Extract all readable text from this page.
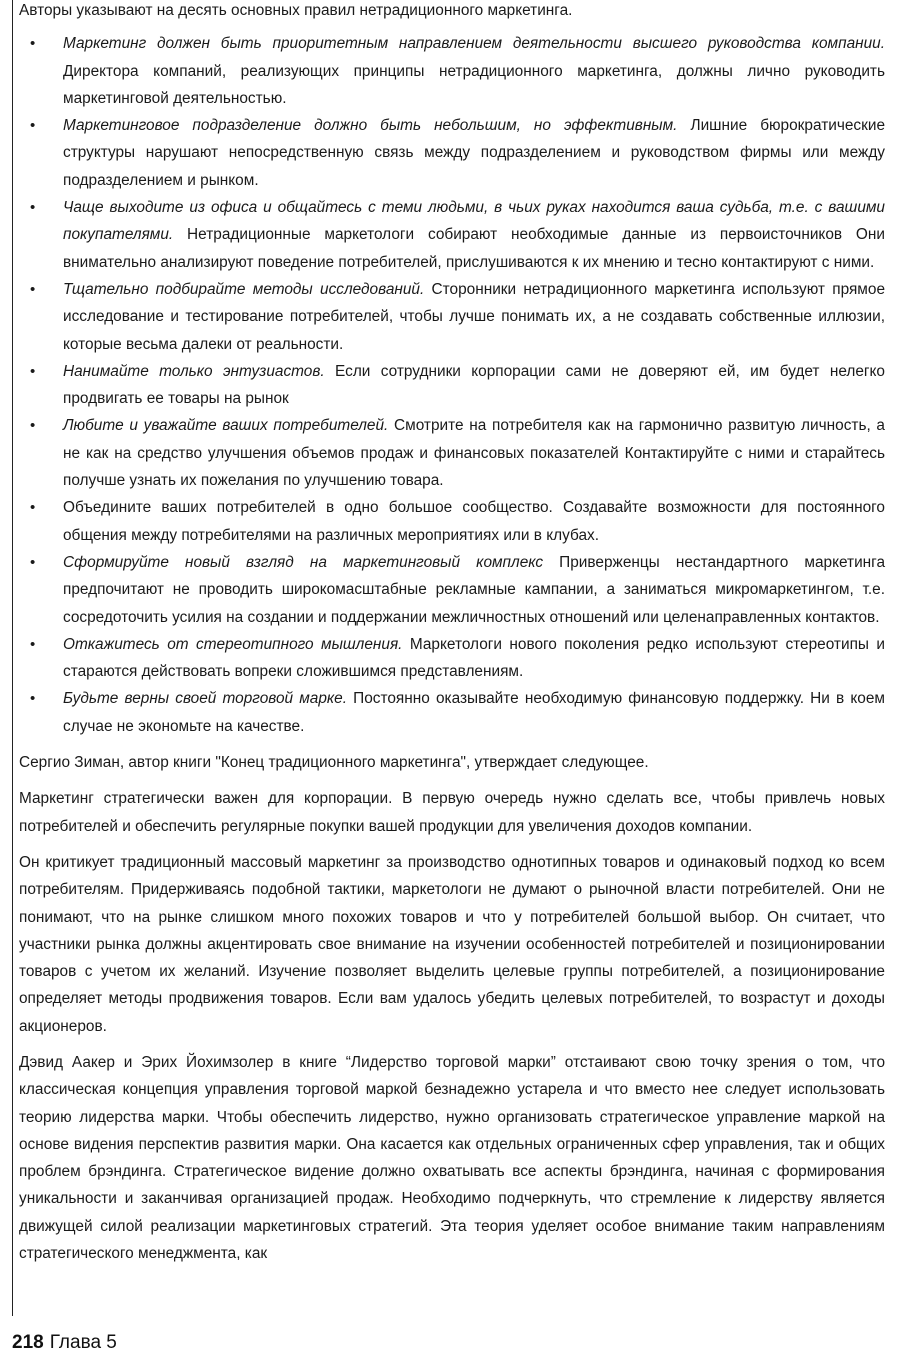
Авторы указывают на десять основных правил нетрадиционного маркетинга.

• Маркетинг должен быть приоритетным направлением деятельности высшего руководства компании. Директора компаний, реализующих принципы нетрадиционного маркетинга, должны лично руководить маркетинговой деятельностью.
• Маркетинговое подразделение должно быть небольшим, но эффективным. Лишние бюрократические структуры нарушают непосредственную связь между подразделением и руководством фирмы или между подразделением и рынком.
• Чаще выходите из офиса и общайтесь с теми людьми, в чьих руках находится ваша судьба, т.е. с вашими покупателями. Нетрадиционные маркетологи собирают необходимые данные из первоисточников Они внимательно анализируют поведение потребителей, прислушиваются к их мнению и тесно контактируют с ними.
• Тщательно подбирайте методы исследований. Сторонники нетрадиционного маркетинга используют прямое исследование и тестирование потребителей, чтобы лучше понимать их, а не создавать собственные иллюзии, которые весьма далеки от реальности.
• Нанимайте только энтузиастов. Если сотрудники корпорации сами не доверяют ей, им будет нелегко продвигать ее товары на рынок
• Любите и уважайте ваших потребителей. Смотрите на потребителя как на гармонично развитую личность, а не как на средство улучшения объемов продаж и финансовых показателей Контактируйте с ними и старайтесь получше узнать их пожелания по улучшению товара.
• Объедините ваших потребителей в одно большое сообщество. Создавайте возможности для постоянного общения между потребителями на различных мероприятиях или в клубах.
• Сформируйте новый взгляд на маркетинговый комплекс Приверженцы нестандартного маркетинга предпочитают не проводить широкомасштабные рекламные кампании, а заниматься микромаркетингом, т.е. сосредоточить усилия на создании и поддержании межличностных отношений или целенаправленных контактов.
• Откажитесь от стереотипного мышления. Маркетологи нового поколения редко используют стереотипы и стараются действовать вопреки сложившимся представлениям.
• Будьте верны своей торговой марке. Постоянно оказывайте необходимую финансовую поддержку. Ни в коем случае не экономьте на качестве.

Сергио Зиман, автор книги "Конец традиционного маркетинга", утверждает следующее.

Маркетинг стратегически важен для корпорации. В первую очередь нужно сделать все, чтобы привлечь новых потребителей и обеспечить регулярные покупки вашей продукции для увеличения доходов компании.

Он критикует традиционный массовый маркетинг за производство однотипных товаров и одинаковый подход ко всем потребителям. Придерживаясь подобной тактики, маркетологи не думают о рыночной власти потребителей. Они не понимают, что на рынке слишком много похожих товаров и что у потребителей большой выбор. Он считает, что участники рынка должны акцентировать свое внимание на изучении особенностей потребителей и позиционировании товаров с учетом их желаний. Изучение позволяет выделить целевые группы потребителей, а позиционирование определяет методы продвижения товаров. Если вам удалось убедить целевых потребителей, то возрастут и доходы акционеров.

Дэвид Аакер и Эрих Йохимзолер в книге “Лидерство торговой марки” отстаивают свою точку зрения о том, что классическая концепция управления торговой маркой безнадежно устарела и что вместо нее следует использовать теорию лидерства марки. Чтобы обеспечить лидерство, нужно организовать стратегическое управление маркой на основе видения перспектив развития марки. Она касается как отдельных ограниченных сфер управления, так и общих проблем брэндинга. Стратегическое видение должно охватывать все аспекты брэндинга, начиная с формирования уникальности и заканчивая организацией продаж. Необходимо подчеркнуть, что стремление к лидерству является движущей силой реализации маркетинговых стратегий. Эта теория уделяет особое внимание таким направлениям стратегического менеджмента, как

218 Глава 5
